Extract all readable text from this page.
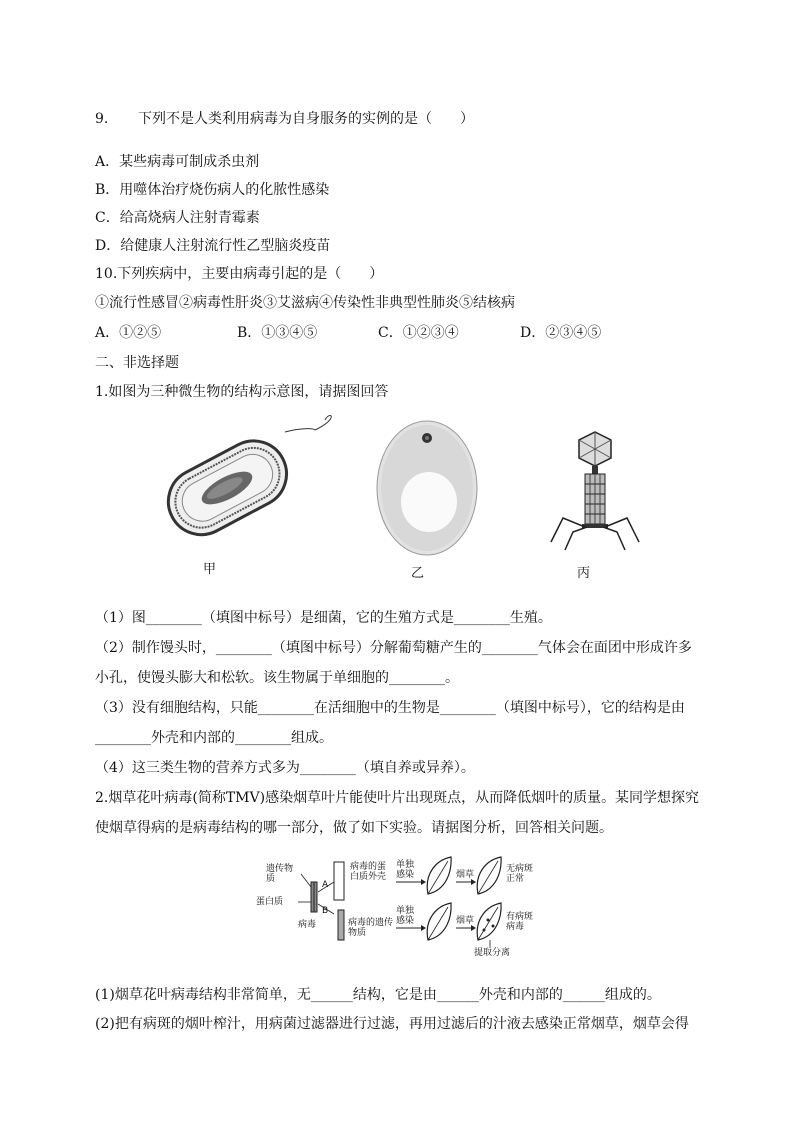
9. 下列不是人类利用病毒为自身服务的实例的是（　　）
A．某些病毒可制成杀虫剂
B．用噬体治疗烧伤病人的化脓性感染
C．给高烧病人注射青霉素
D．给健康人注射流行性乙型脑炎疫苗
10.下列疾病中，主要由病毒引起的是（　　）
①流行性感冒②病毒性肝炎③艾滋病④传染性非典型性肺炎⑤结核病
A．①②⑤	B．①③④⑤	C．①②③④	D．②③④⑤
二、非选择题
1.如图为三种微生物的结构示意图，请据图回答
甲	乙	丙
（1）图________（填图中标号）是细菌，它的生殖方式是________生殖。
（2）制作馒头时，________（填图中标号）分解葡萄糖产生的________气体会在面团中形成许多
小孔，使馒头膨大和松软。该生物属于单细胞的________。
（3）没有细胞结构，只能________在活细胞中的生物是________（填图中标号），它的结构是由
________外壳和内部的________组成。
（4）这三类生物的营养方式多为________（填自养或异养）。
2.烟草花叶病毒(简称TMV)感染烟草叶片能使叶片出现斑点，从而降低烟叶的质量。某同学想探究
使烟草得病的是病毒结构的哪一部分，做了如下实验。请据图分析，回答相关问题。
遗传物质
蛋白质
病毒
A
B
病毒的蛋白质外壳
病毒的遗传物质
单独感染
单独感染
烟草
烟草
无病斑正常
有病斑病毒
提取分离
(1)烟草花叶病毒结构非常简单，无______结构，它是由______外壳和内部的______组成的。
(2)把有病斑的烟叶榨汁，用病菌过滤器进行过滤，再用过滤后的汁液去感染正常烟草，烟草会得
